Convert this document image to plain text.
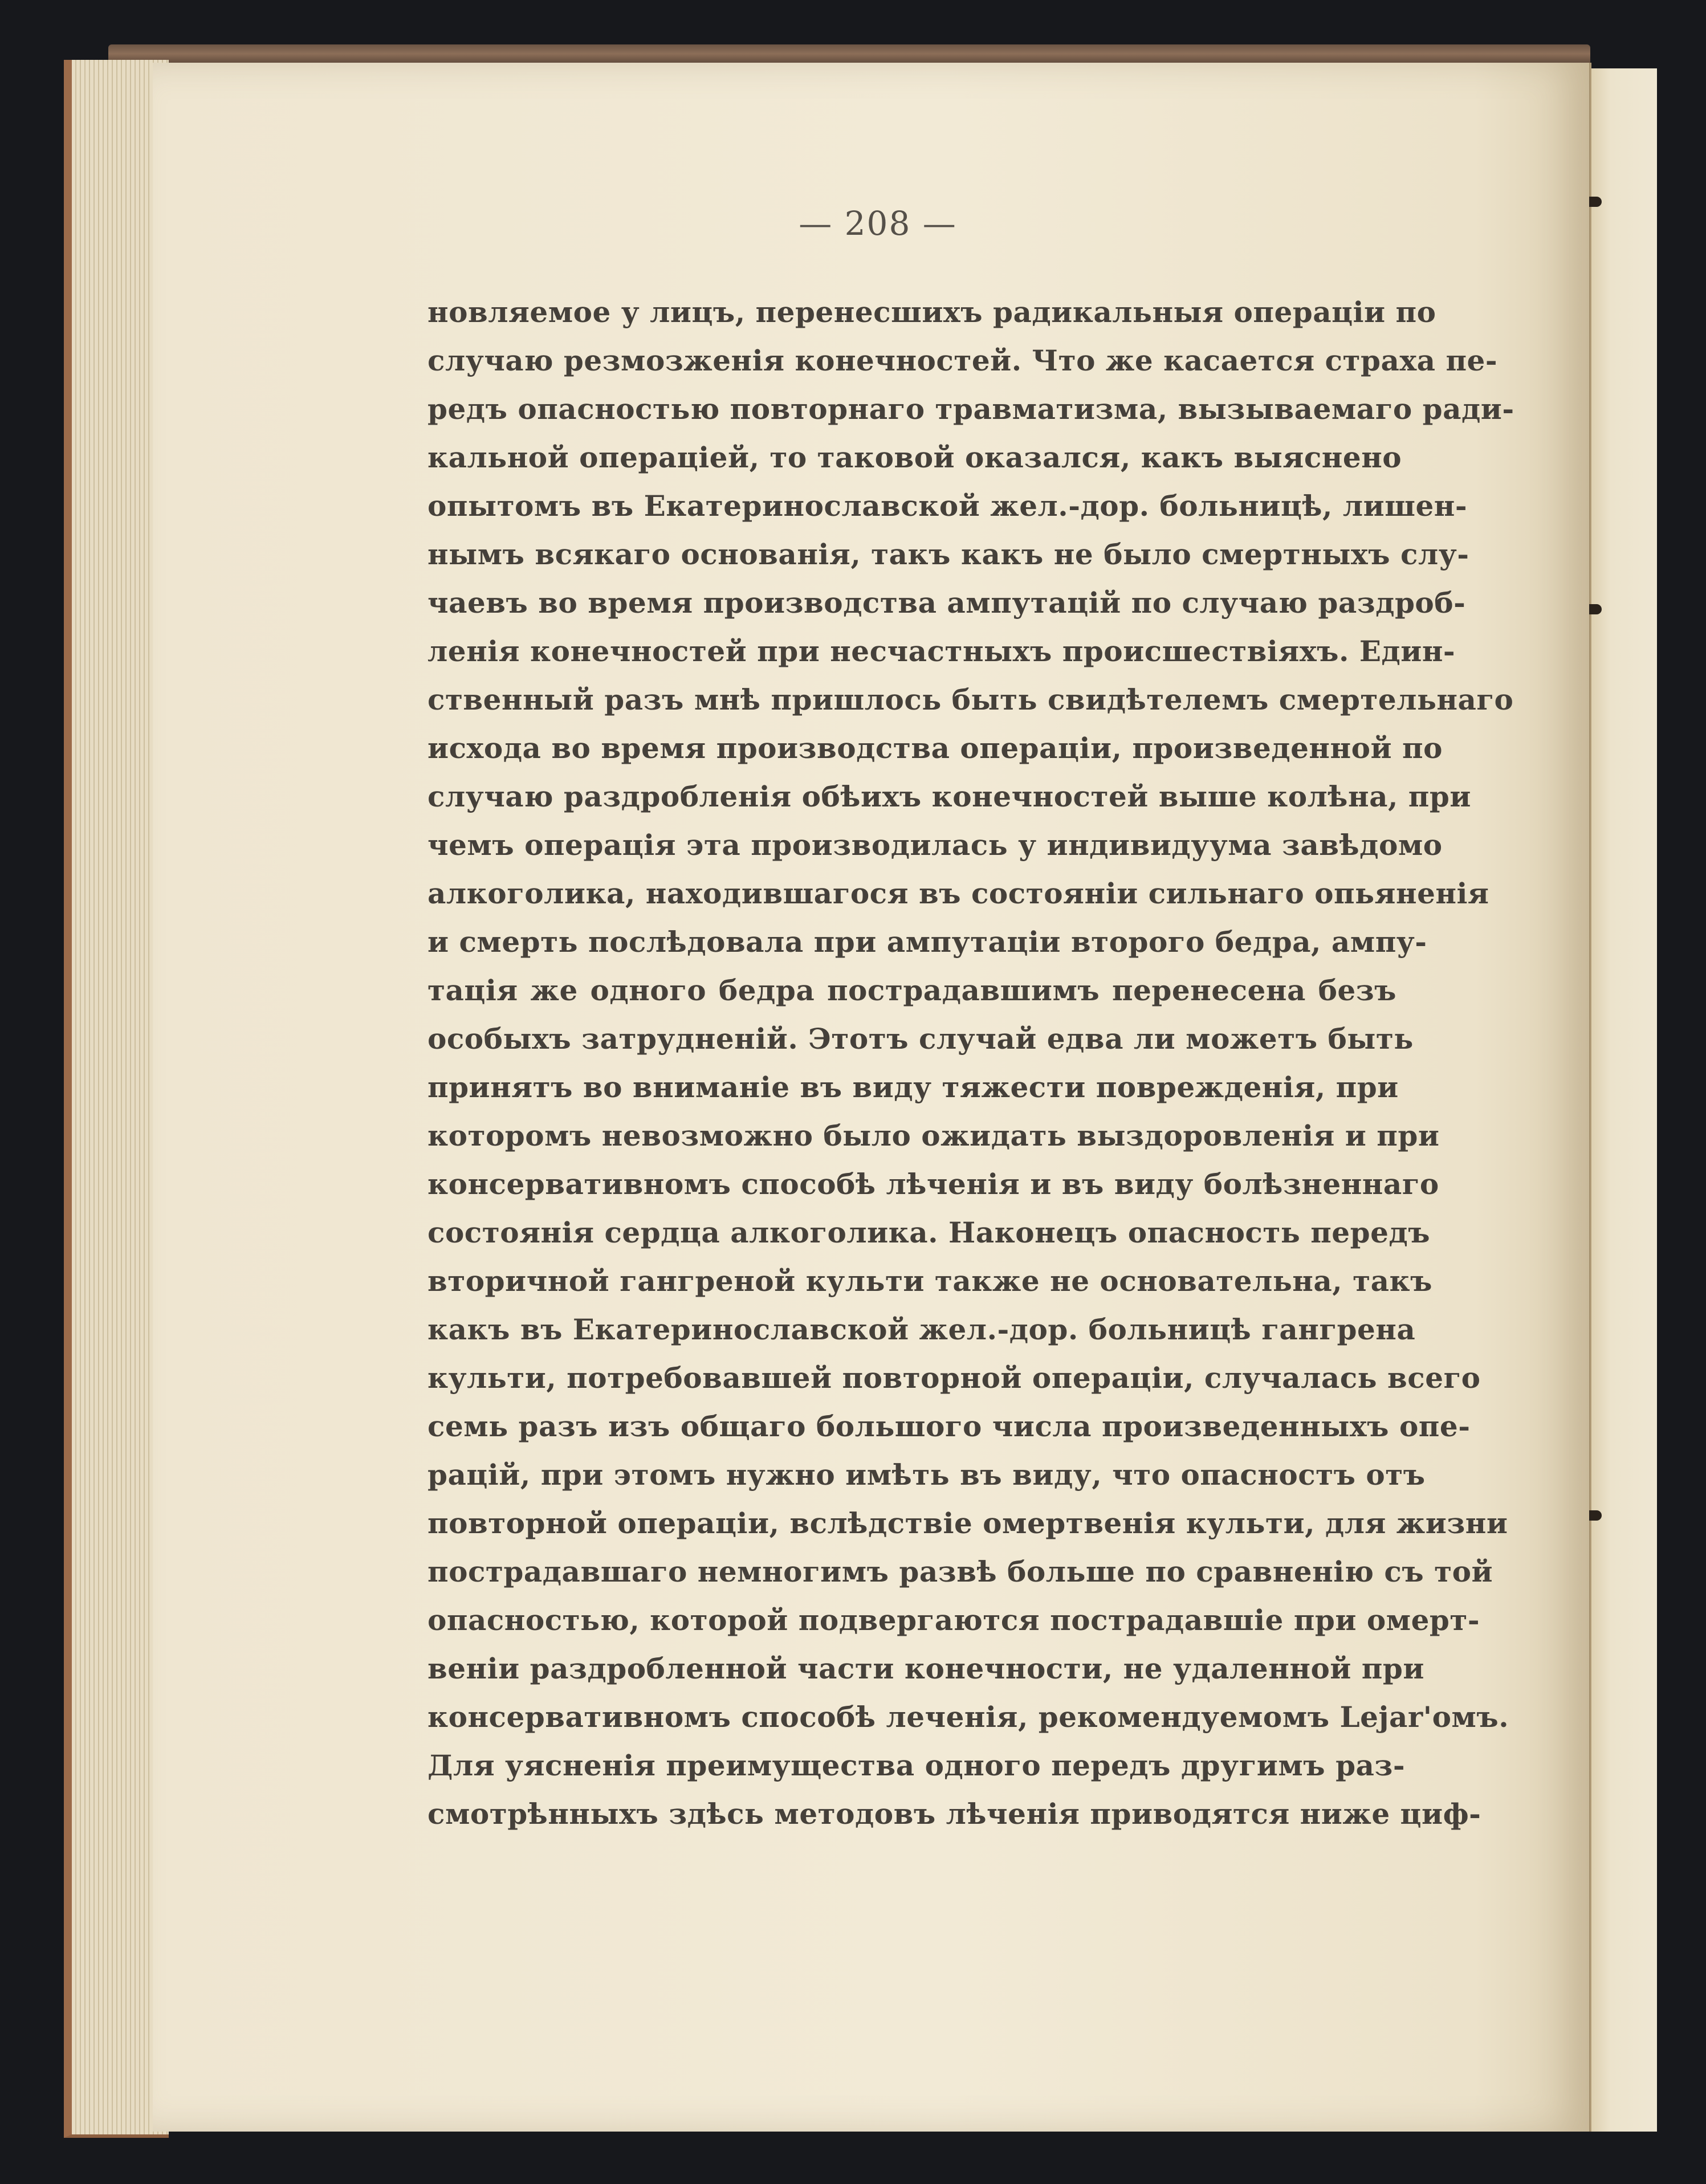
— 208 —
новляемое у лицъ, перенесшихъ радикальныя операціи по
случаю резмозженія конечностей. Что же касается страха пе-
редъ опасностью повторнаго травматизма, вызываемаго ради-
кальной операціей, то таковой оказался, какъ выяснено
опытомъ въ Екатеринославской жел.-дор. больницѣ, лишен-
нымъ всякаго основанія, такъ какъ не было смертныхъ слу-
чаевъ во время производства ампутацій по случаю раздроб-
ленія конечностей при несчастныхъ происшествіяхъ. Един-
ственный разъ мнѣ пришлось быть свидѣтелемъ смертельнаго
исхода во время производства операціи, произведенной по
случаю раздробленія обѣихъ конечностей выше колѣна, при
чемъ операція эта производилась у индивидуума завѣдомо
алкоголика, находившагося въ состояніи сильнаго опьяненія
и смерть послѣдовала при ампутаціи второго бедра, ампу-
тація же одного бедра пострадавшимъ перенесена безъ
особыхъ затрудненій. Этотъ случай едва ли можетъ быть
принятъ во вниманіе въ виду тяжести поврежденія, при
которомъ невозможно было ожидать выздоровленія и при
консервативномъ способѣ лѣченія и въ виду болѣзненнаго
состоянія сердца алкоголика. Наконецъ опасность передъ
вторичной гангреной культи также не основательна, такъ
какъ въ Екатеринославской жел.-дор. больницѣ гангрена
культи, потребовавшей повторной операціи, случалась всего
семь разъ изъ общаго большого числа произведенныхъ опе-
рацій, при этомъ нужно имѣть въ виду, что опасностъ отъ
повторной операціи, вслѣдствіе омертвенія культи, для жизни
пострадавшаго немногимъ развѣ больше по сравненію съ той
опасностью, которой подвергаются пострадавшіе при омерт-
веніи раздробленной части конечности, не удаленной при
консервативномъ способѣ леченія, рекомендуемомъ Lejar'омъ.
Для уясненія преимущества одного передъ другимъ раз-
смотрѣнныхъ здѣсь методовъ лѣченія приводятся ниже циф-
